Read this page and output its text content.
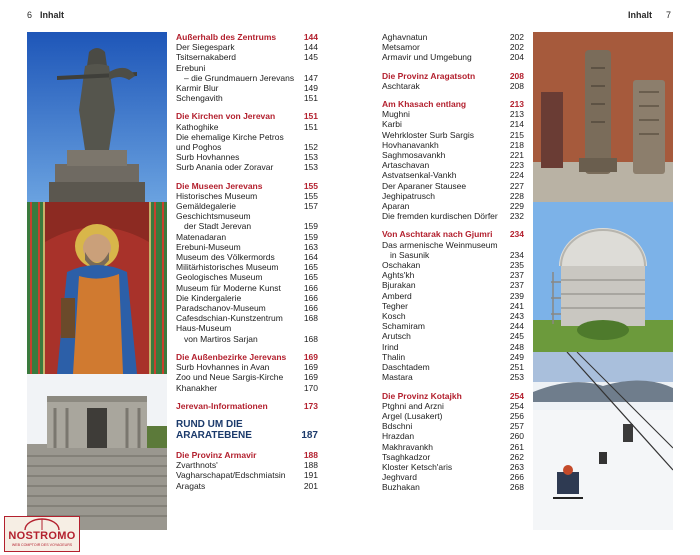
6 Inhalt	Inhalt 7
Außerhalb des Zentrums	144
Der Siegespark	144
Tsitsernakaberd	145
Erebuni
– die Grundmauern Jerevans	147
Karmir Blur	149
Schengavith	151
Die Kirchen von Jerevan	151
Kathoghike	151
Die ehemalige Kirche Petros
und Poghos	152
Surb Hovhannes	153
Surb Anania oder Zoravar	153
Die Museen Jerevans	155
Historisches Museum	155
Gemäldegalerie	157
Geschichtsmuseum
der Stadt Jerevan	159
Matenadaran	159
Erebuni-Museum	163
Museum des Völkermords	164
Militärhistorisches Museum	165
Geologisches Museum	165
Museum für Moderne Kunst	166
Die Kindergalerie	166
Paradschanov-Museum	166
Cafesdschian-Kunstzentrum	168
Haus-Museum
von Martiros Sarjan	168
Die Außenbezirke Jerevans	169
Surb Hovhannes in Avan	169
Zoo und Neue Sargis-Kirche	169
Khanakher	170
Jerevan-Informationen	173
RUND UM DIE
ARARATEBENE	187
Die Provinz Armavir	188
Zvarthnots'	188
Vagharschapat/Edschmiatsin	191
Aragats	201
Aghavnatun	202
Metsamor	202
Armavir und Umgebung	204
Die Provinz Aragatsotn	208
Aschtarak	208
Am Khasach entlang	213
Mughni	213
Karbi	214
Wehrkloster Surb Sargis	215
Hovhanavankh	218
Saghmosavankh	221
Artaschavan	223
Astvatsenkal-Vankh	224
Der Aparaner Stausee	227
Jeghipatrusch	228
Aparan	229
Die fremden kurdischen Dörfer	232
Von Aschtarak nach Gjumri	234
Das armenische Weinmuseum
in Sasunik	234
Oschakan	235
Aghts'kh	237
Bjurakan	237
Amberd	239
Tegher	241
Kosch	243
Schamiram	244
Arutsch	245
Irind	248
Thalin	249
Daschtadem	251
Mastara	253
Die Provinz Kotajkh	254
Ptghni and Arzni	254
Argel (Lusakert)	256
Bdschni	257
Hrazdan	260
Makhravankh	261
Tsaghkadzor	262
Kloster Ketsch'aris	263
Jeghvard	266
Buzhakan	268
NOSTROMO
WEB COMPTOIR DES VOYAGEURS
